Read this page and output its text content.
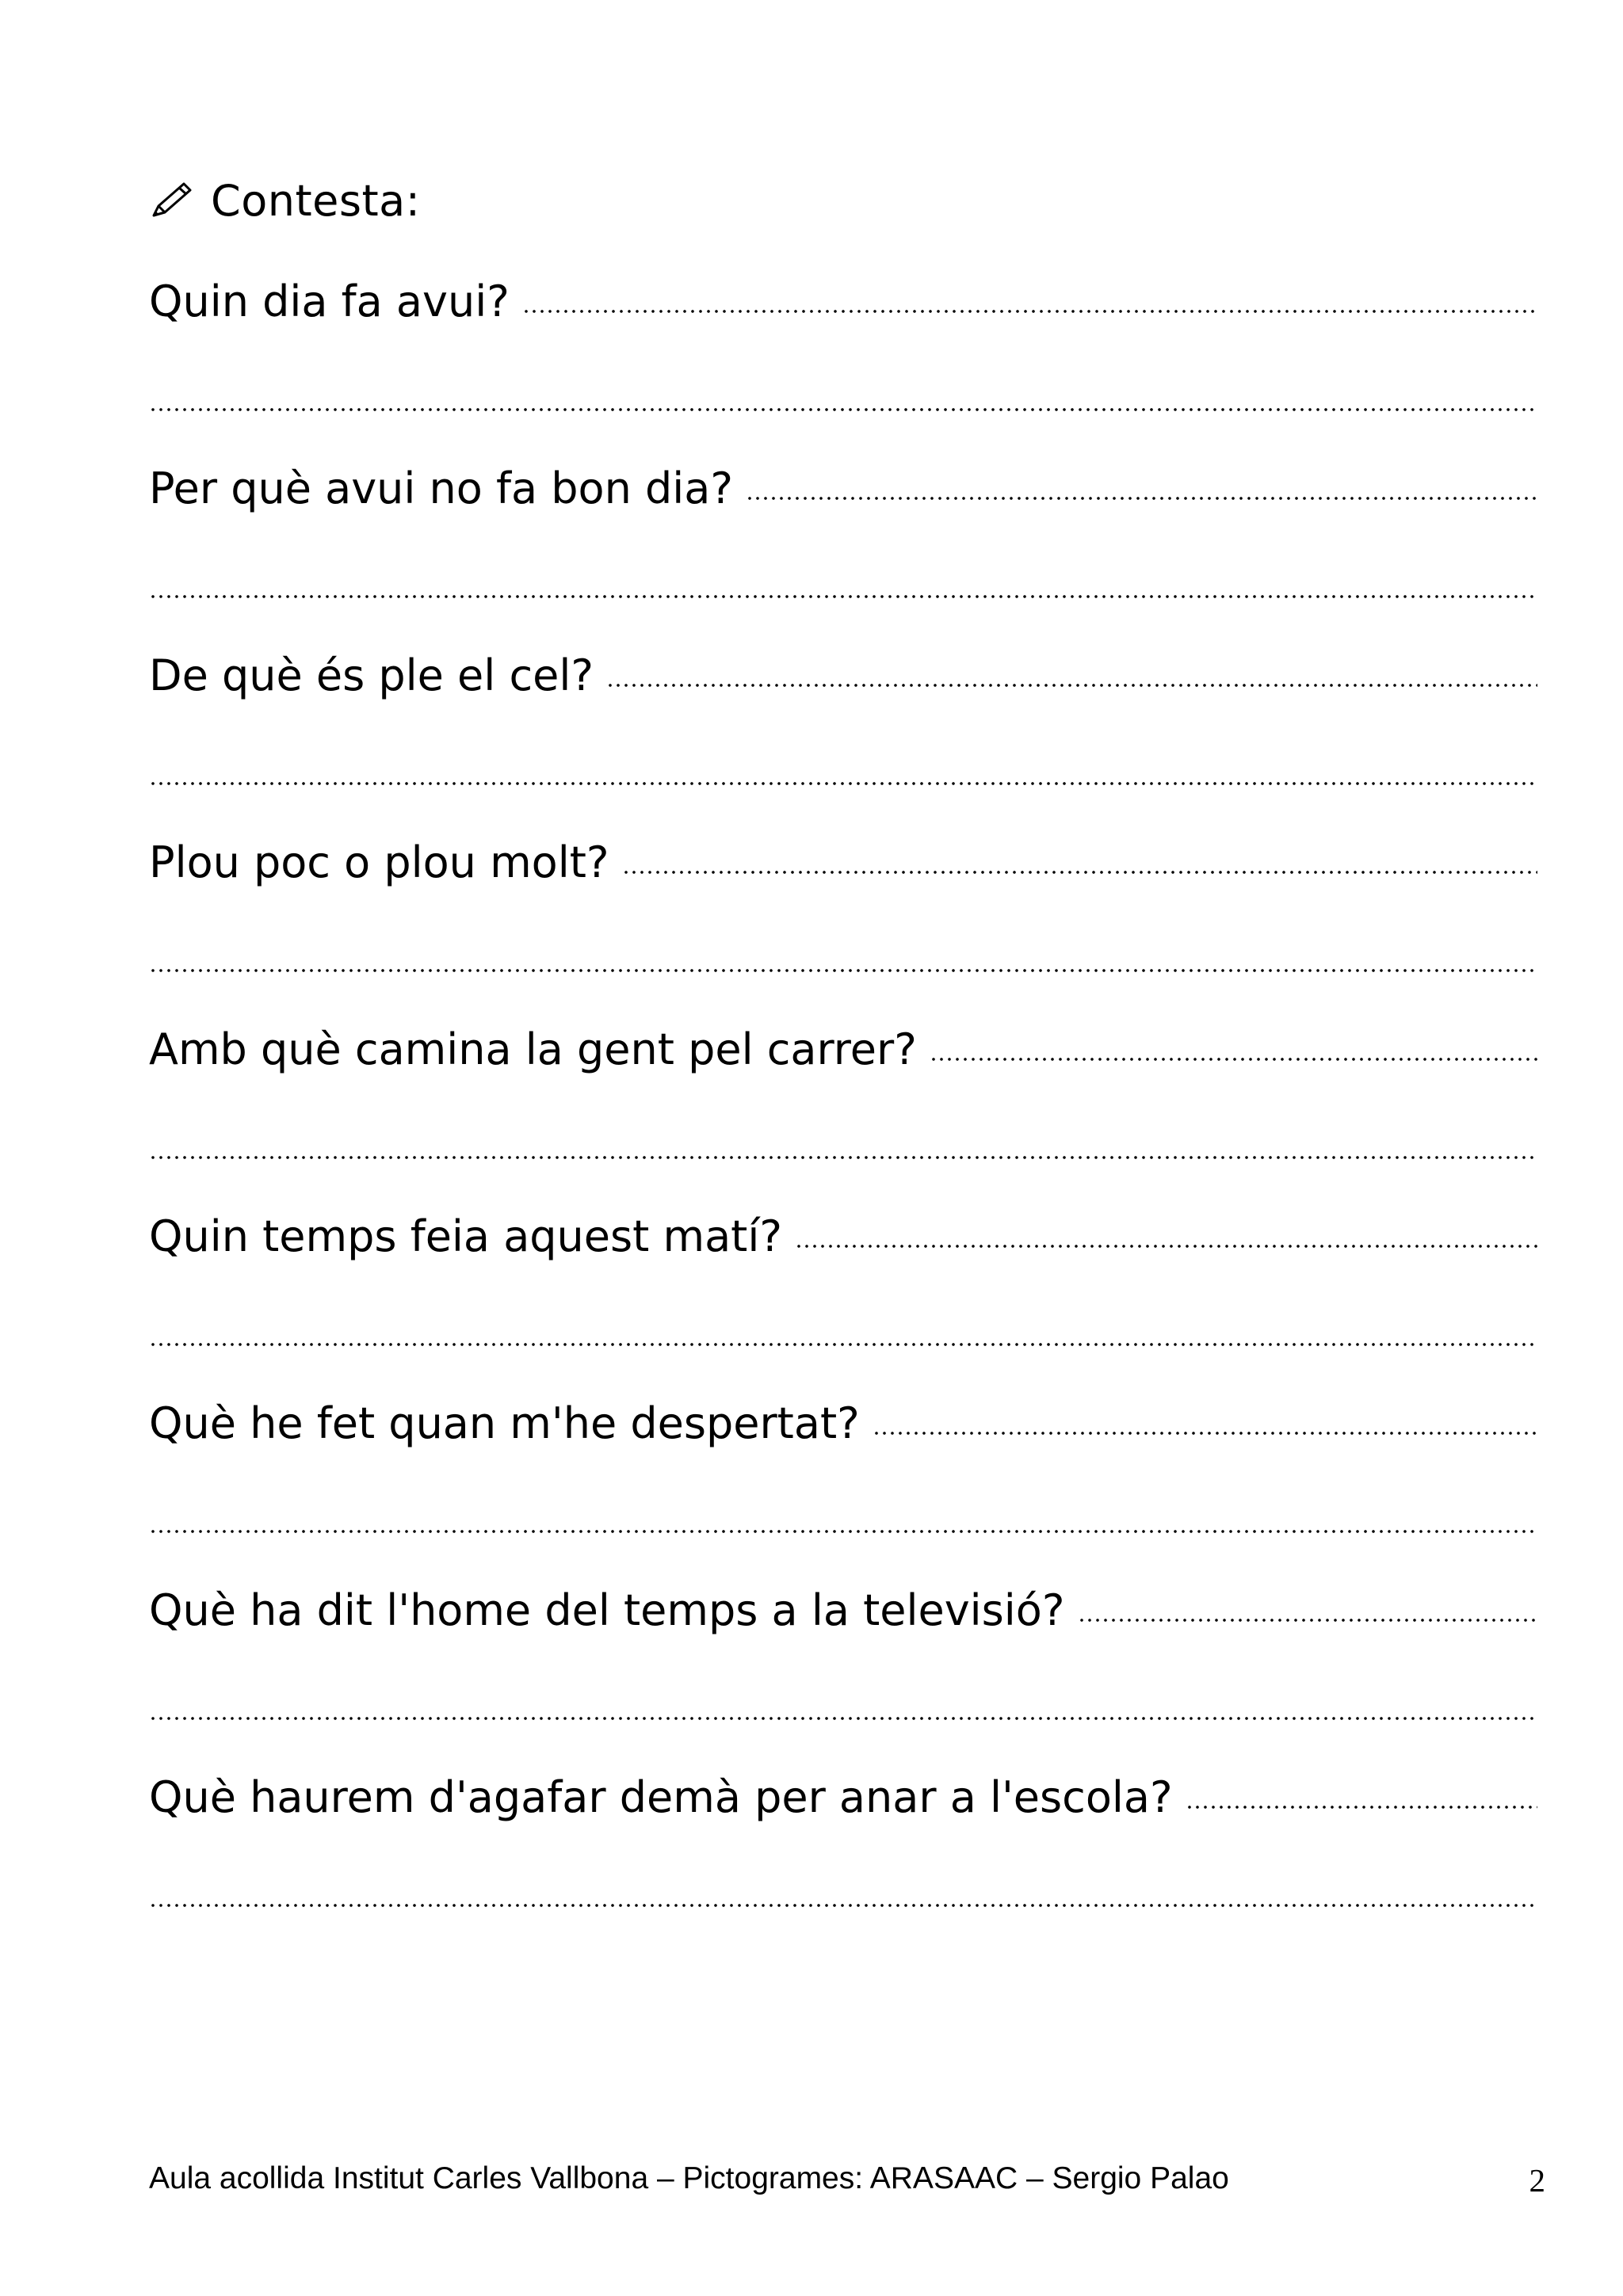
Contesta:
Quin dia fa avui?
Per què avui no fa bon dia?
De què és ple el cel?
Plou poc o plou molt?
Amb què camina la gent pel carrer?
Quin temps feia aquest matí?
Què he fet quan m'he despertat?
Què ha dit l'home del temps a la televisió?
Què haurem d'agafar demà per anar a l'escola?
Aula acollida Institut Carles Vallbona – Pictogrames: ARASAAC – Sergio Palao	2
